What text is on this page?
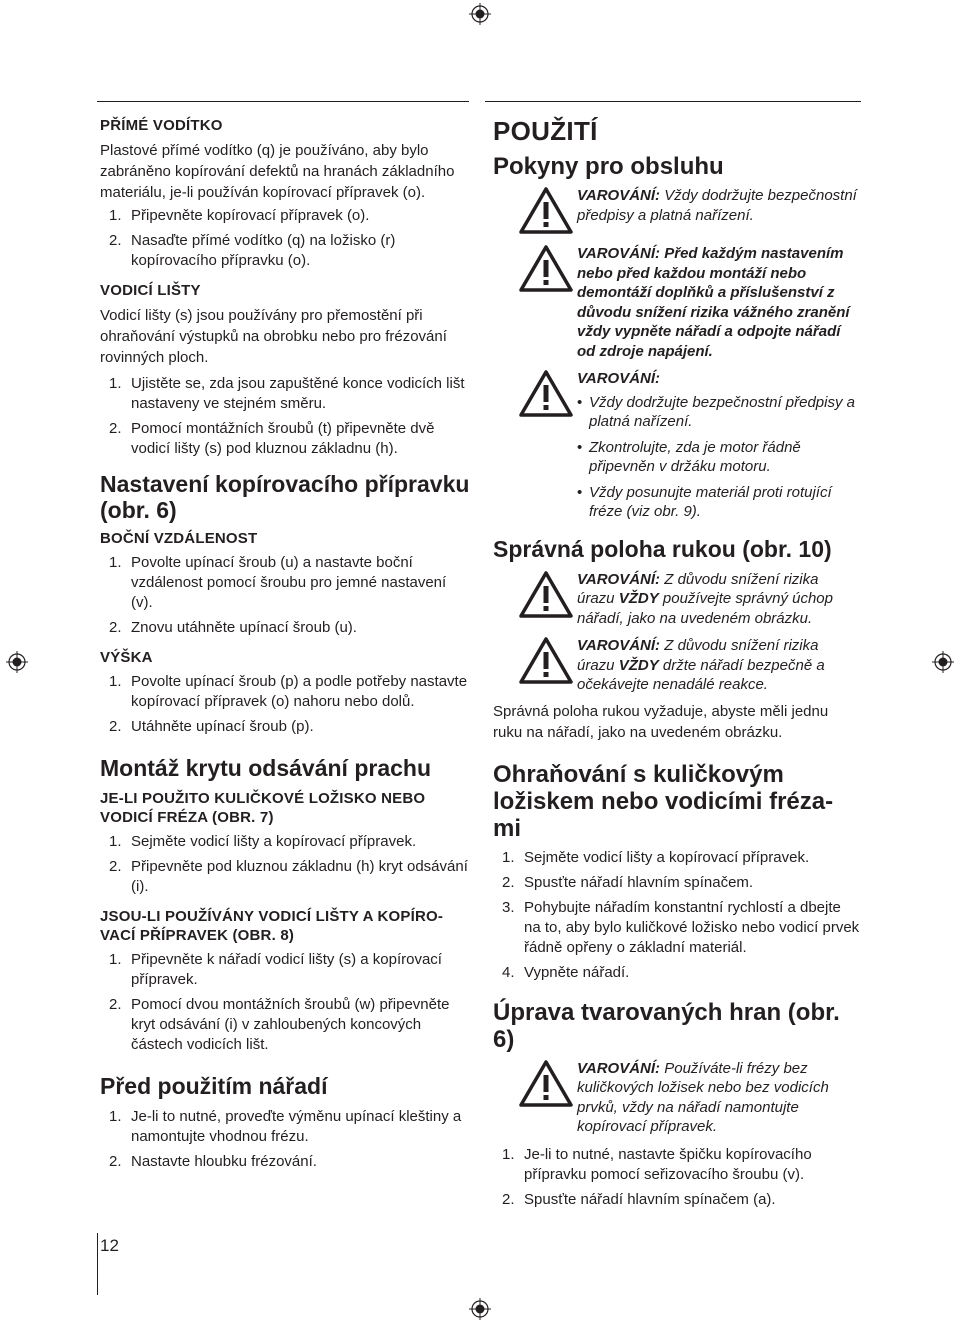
PŘÍMÉ VODÍTKO

Plastové přímé vodítko (q) je používáno, aby bylo zabráněno kopírování defektů na hranách základního materiálu, je-li používán kopírovací přípravek (o).

1. Připevněte kopírovací přípravek (o).
2. Nasaďte přímé vodítko (q) na ložisko (r) kopírovacího přípravku (o).
VODICÍ LIŠTY

Vodicí lišty (s) jsou používány pro přemostění při ohraňování výstupků na obrobku nebo pro frézování rovinných ploch.

1. Ujistěte se, zda jsou zapuštěné konce vodicích lišt nastaveny ve stejném směru.
2. Pomocí montážních šroubů (t) připevněte dvě vodicí lišty (s) pod kluznou základnu (h).
Nastavení kopírovacího přípravku (obr. 6)
BOČNÍ VZDÁLENOST
1. Povolte upínací šroub (u) a nastavte boční vzdálenost pomocí šroubu pro jemné nastavení (v).
2. Znovu utáhněte upínací šroub (u).
VÝŠKA
1. Povolte upínací šroub (p) a podle potřeby nastavte kopírovací přípravek (o) nahoru nebo dolů.
2. Utáhněte upínací šroub (p).
Montáž krytu odsávání prachu
JE-LI POUŽITO KULIČKOVÉ LOŽISKO NEBO VODICÍ FRÉZA (OBR. 7)
1. Sejměte vodicí lišty a kopírovací přípravek.
2. Připevněte pod kluznou základnu (h) kryt odsávání (i).
JSOU-LI POUŽÍVÁNY VODICÍ LIŠTY A KOPÍRO-VACÍ PŘÍPRAVEK (OBR. 8)
1. Připevněte k nářadí vodicí lišty (s) a kopírovací přípravek.
2. Pomocí dvou montážních šroubů (w) připevněte kryt odsávání (i) v zahloubených koncových částech vodicích lišt.
Před použitím nářadí
1. Je-li to nutné, proveďte výměnu upínací kleštiny a namontujte vhodnou frézu.
2. Nastavte hloubku frézování.
POUŽITÍ
Pokyny pro obsluhu
VAROVÁNÍ: Vždy dodržujte bezpečnostní předpisy a platná nařízení.
VAROVÁNÍ: Před každým nastavením nebo před každou montáží nebo demontáží doplňků a příslušenství z důvodu snížení rizika vážného zranění vždy vypněte nářadí a odpojte nářadí od zdroje napájení.
VAROVÁNÍ:
• Vždy dodržujte bezpečnostní předpisy a platná nařízení.
• Zkontrolujte, zda je motor řádně připevněn v držáku motoru.
• Vždy posunujte materiál proti rotující fréze (viz obr. 9).
Správná poloha rukou (obr. 10)
VAROVÁNÍ: Z důvodu snížení rizika úrazu VŽDY používejte správný úchop nářadí, jako na uvedeném obrázku.
VAROVÁNÍ: Z důvodu snížení rizika úrazu VŽDY držte nářadí bezpečně a očekávejte nenadálé reakce.

Správná poloha rukou vyžaduje, abyste měli jednu ruku na nářadí, jako na uvedeném obrázku.

Ohraňování s kuličkovým ložiskem nebo vodicími fréza-mi
1. Sejměte vodicí lišty a kopírovací přípravek.
2. Spusťte nářadí hlavním spínačem.
3. Pohybujte nářadím konstantní rychlostí a dbejte na to, aby bylo kuličkové ložisko nebo vodicí prvek řádně opřeny o základní materiál.
4. Vypněte nářadí.
Úprava tvarovaných hran (obr. 6)
VAROVÁNÍ: Používáte-li frézy bez kuličkových ložisek nebo bez vodicích prvků, vždy na nářadí namontujte kopírovací přípravek.
1. Je-li to nutné, nastavte špičku kopírovacího přípravku pomocí seřizovacího šroubu (v).
2. Spusťte nářadí hlavním spínačem (a).
12
